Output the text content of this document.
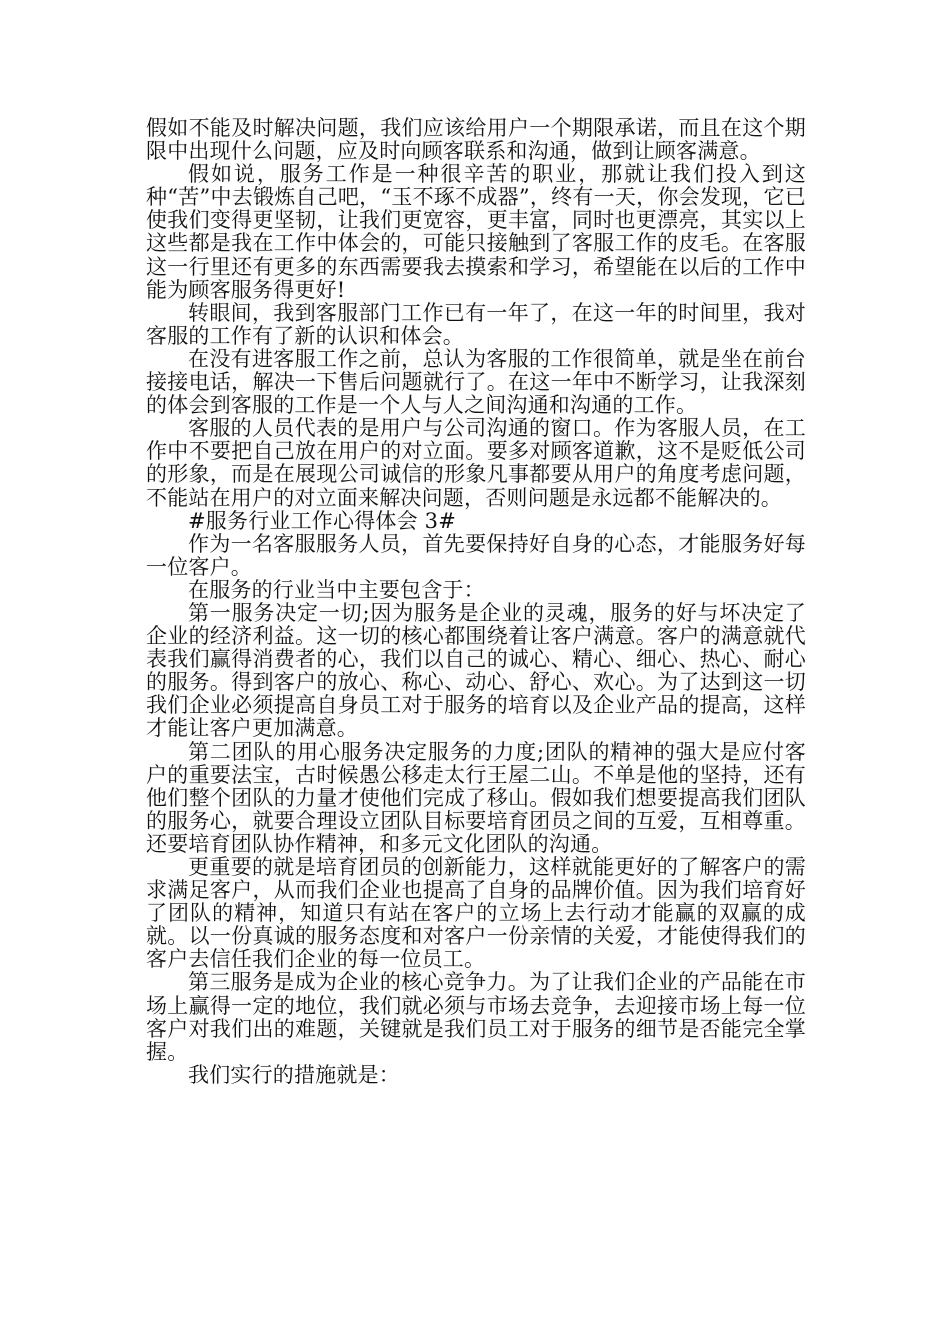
假如不能及时解决问题，我们应该给用户一个期限承诺，而且在这个期限中出现什么问题，应及时向顾客联系和沟通，做到让顾客满意。

假如说，服务工作是一种很辛苦的职业，那就让我们投入到这种“苦”中去锻炼自己吧，“玉不琢不成器”，终有一天，你会发现，它已使我们变得更坚韧，让我们更宽容，更丰富，同时也更漂亮，其实以上这些都是我在工作中体会的，可能只接触到了客服工作的皮毛。在客服这一行里还有更多的东西需要我去摸索和学习，希望能在以后的工作中能为顾客服务得更好!

转眼间，我到客服部门工作已有一年了，在这一年的时间里，我对客服的工作有了新的认识和体会。

在没有进客服工作之前，总认为客服的工作很简单，就是坐在前台接接电话，解决一下售后问题就行了。在这一年中不断学习，让我深刻的体会到客服的工作是一个人与人之间沟通和沟通的工作。

客服的人员代表的是用户与公司沟通的窗口。作为客服人员，在工作中不要把自己放在用户的对立面。要多对顾客道歉，这不是贬低公司的形象，而是在展现公司诚信的形象凡事都要从用户的角度考虑问题，不能站在用户的对立面来解决问题，否则问题是永远都不能解决的。

#服务行业工作心得体会 3#

作为一名客服服务人员，首先要保持好自身的心态，才能服务好每一位客户。

在服务的行业当中主要包含于：

第一服务决定一切;因为服务是企业的灵魂，服务的好与坏决定了企业的经济利益。这一切的核心都围绕着让客户满意。客户的满意就代表我们赢得消费者的心，我们以自己的诚心、精心、细心、热心、耐心的服务。得到客户的放心、称心、动心、舒心、欢心。为了达到这一切我们企业必须提高自身员工对于服务的培育以及企业产品的提高，这样才能让客户更加满意。

第二团队的用心服务决定服务的力度;团队的精神的强大是应付客户的重要法宝，古时候愚公移走太行王屋二山。不单是他的坚持，还有他们整个团队的力量才使他们完成了移山。假如我们想要提高我们团队的服务心，就要合理设立团队目标要培育团员之间的互爱，互相尊重。还要培育团队协作精神，和多元文化团队的沟通。

更重要的就是培育团员的创新能力，这样就能更好的了解客户的需求满足客户，从而我们企业也提高了自身的品牌价值。因为我们培育好了团队的精神，知道只有站在客户的立场上去行动才能赢的双赢的成就。以一份真诚的服务态度和对客户一份亲情的关爱，才能使得我们的客户去信任我们企业的每一位员工。

第三服务是成为企业的核心竞争力。为了让我们企业的产品能在市场上赢得一定的地位，我们就必须与市场去竞争，去迎接市场上每一位客户对我们出的难题，关键就是我们员工对于服务的细节是否能完全掌握。

我们实行的措施就是：
